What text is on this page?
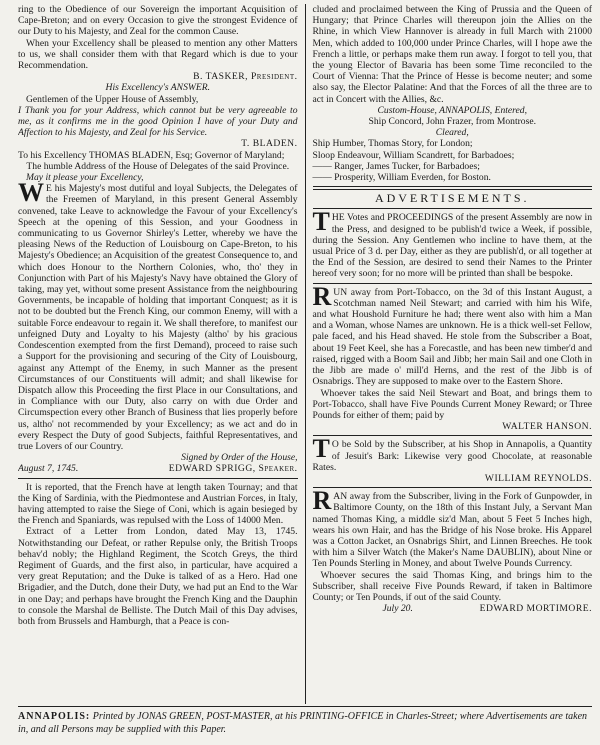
ring to the Obedience of our Sovereign the important Acquisition of Cape-Breton; and on every Occasion to give the strongest Evidence of our Duty to his Majesty, and Zeal for the common Cause.

When your Excellency shall be pleased to mention any other Matters to us, we shall consider them with that Regard which is due to your Recommendation.

B. TASKER, President.

His Excellency's ANSWER.

Gentlemen of the Upper House of Assembly,

I Thank you for your Address, which cannot but be very agreeable to me, as it confirms me in the good Opinion I have of your Duty and Affection to his Majesty, and Zeal for his Service.

T. BLADEN.

To his Excellency THOMAS BLADEN, Esq; Governor of Maryland;

The humble Address of the House of Delegates of the said Province.

May it please your Excellency,

WE his Majesty's most dutiful and loyal Subjects, the Delegates of the Freemen of Maryland, in this present General Assembly convened, take Leave to acknowledge the Favour of your Excellency's Speech at the opening of this Session, and your Goodness in communicating to us Governor Shirley's Letter, whereby we have the pleasing News of the Reduction of Louisbourg on Cape-Breton, to his Majesty's Obedience; an Acquisition of the greatest Consequence to, and which does Honour to the Northern Colonies, who, tho' they in Conjunction with Part of his Majesty's Navy have obtained the Glory of taking, may yet, without some present Assistance from the neighbouring Governments, be incapable of holding that important Conquest; as it is not to be doubted but the French King, our common Enemy, will with a suitable Force endeavour to regain it. We shall therefore, to manifest our unfeigned Duty and Loyalty to his Majesty (altho' by his gracious Condescention exempted from the first Demand), proceed to raise such a Support for the provisioning and securing of the City of Louisbourg, against any Attempt of the Enemy, in such Manner as the present Circumstances of our Constituents will admit; and shall likewise for Dispatch allow this Proceeding the first Place in our Consultations, and in Compliance with our Duty, also carry on with due Order and Circumspection every other Branch of Business that lies properly before us, altho' not recommended by your Excellency; as we act and do in every Respect the Duty of good Subjects, faithful Representatives, and true Lovers of our Country.

Signed by Order of the House,

August 7, 1745.	EDWARD SPRIGG, Speaker.

It is reported, that the French have at length taken Tournay; and that the King of Sardinia, with the Piedmontese and Austrian Forces, in Italy, having attempted to raise the Siege of Coni, which is again besieged by the French and Spaniards, was repulsed with the Loss of 14000 Men.

Extract of a Letter from London, dated May 13, 1745. Notwithstanding our Defeat, or rather Repulse only, the British Troops behav'd nobly; the Highland Regiment, the Scotch Greys, the third Regiment of Guards, and the first also, in particular, have acquired a very great Reputation; and the Duke is talked of as a Hero. Had one Brigadier, and the Dutch, done their Duty, we had put an End to the War in one Day; and perhaps have brought the French King and the Dauphin to console the Marshal de Belliste. The Dutch Mail of this Day advises, both from Brussels and Hamburgh, that a Peace is con-

cluded and proclaimed between the King of Prussia and the Queen of Hungary; that Prince Charles will thereupon join the Allies on the Rhine, in which View Hannover is already in full March with 21000 Men, which added to 100,000 under Prince Charles, will I hope awe the French a little, or perhaps make them run away. I forgot to tell you, that the young Elector of Bavaria has been some Time reconciled to the Court of Vienna: That the Prince of Hesse is become neuter; and some also say, the Elector Palatine: And that the Forces of all the three are to act in Concert with the Allies, &c.

Custom-House, ANNAPOLIS, Entered,

Ship Concord, John Frazer, from Montrose.

Cleared,

Ship Humber, Thomas Story, for London;

Sloop Endeavour, William Scandrett, for Barbadoes;

—— Ranger, James Tucker, for Barbadoes;

—— Prosperity, William Everden, for Boston.

ADVERTISEMENTS.

THE Votes and PROCEEDINGS of the present Assembly are now in the Press, and designed to be publish'd twice a Week, if possible, during the Session. Any Gentlemen who incline to have them, at the usual Price of 3 d. per Day, either as they are publish'd, or all together at the End of the Session, are desired to send their Names to the Printer hereof very soon; for no more will be printed than shall be bespoke.

RUN away from Port-Tobacco, on the 3d of this Instant August, a Scotchman named Neil Stewart; and carried with him his Wife, and what Houshold Furniture he had; there went also with him a Man and a Woman, whose Names are unknown. He is a thick well-set Fellow, pale faced, and his Head shaved. He stole from the Subscriber a Boat, about 19 Feet Keel, she has a Forecastle, and has been new timber'd and raised, rigged with a Boom Sail and Jibb; her main Sail and one Cloth in the Jibb are made o' mill'd Herns, and the rest of the Jibb is of Osnabrigs. They are supposed to make over to the Eastern Shore.

Whoever takes the said Neil Stewart and Boat, and brings them to Port-Tobacco, shall have Five Pounds Current Money Reward; or Three Pounds for either of them; paid by

WALTER HANSON.

TO be Sold by the Subscriber, at his Shop in Annapolis, a Quantity of Jesuit's Bark: Likewise very good Chocolate, at reasonable Rates.

WILLIAM REYNOLDS.

RAN away from the Subscriber, living in the Fork of Gunpowder, in Baltimore County, on the 18th of this Instant July, a Servant Man named Thomas King, a middle siz'd Man, about 5 Feet 5 Inches high, wears his own Hair, and has the Bridge of his Nose broke. His Apparel was a Cotton Jacket, an Osnabrigs Shirt, and Linnen Breeches. He took with him a Silver Watch (the Maker's Name DAUBLIN), about Nine or Ten Pounds Sterling in Money, and about Twelve Pounds Currency.

Whoever secures the said Thomas King, and brings him to the Subscriber, shall receive Five Pounds Reward, if taken in Baltimore County; or Ten Pounds, if out of the said County.

July 20.	EDWARD MORTIMORE.

ANNAPOLIS: Printed by JONAS GREEN, POST-MASTER, at his PRINTING-OFFICE in Charles-Street; where Advertisements are taken in, and all Persons may be supplied with this Paper.
